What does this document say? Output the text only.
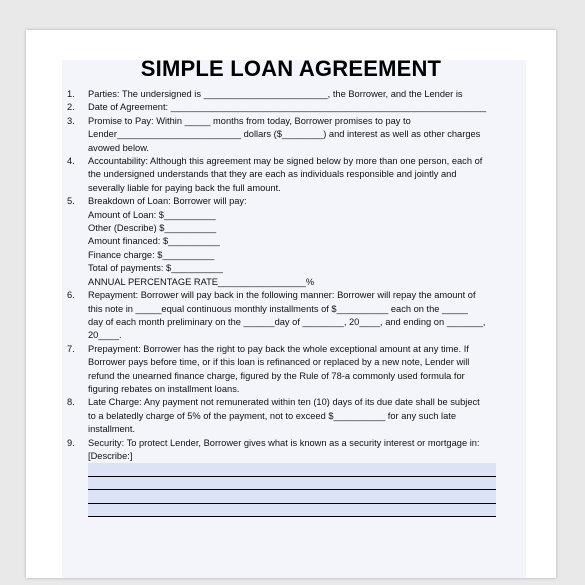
SIMPLE LOAN AGREEMENT
1. Parties: The undersigned is ________________________, the Borrower, and the Lender is
2. Date of Agreement: _____________________________________________________________
3. Promise to Pay: Within _____ months from today, Borrower promises to pay to
Lender________________________ dollars ($________) and interest as well as other charges
avowed below.
4. Accountability: Although this agreement may be signed below by more than one person, each of
the undersigned understands that they are each as individuals responsible and jointly and
severally liable for paying back the full amount.
5. Breakdown of Loan: Borrower will pay:
Amount of Loan: $__________
Other (Describe) $__________
Amount financed: $__________
Finance charge: $__________
Total of payments: $__________
ANNUAL PERCENTAGE RATE_________________%
6. Repayment: Borrower will pay back in the following manner: Borrower will repay the amount of
this note in _____equal continuous monthly installments of $__________ each on the _____
day of each month preliminary on the ______day of ________, 20____, and ending on _______,
20____.
7. Prepayment: Borrower has the right to pay back the whole exceptional amount at any time. If
Borrower pays before time, or if this loan is refinanced or replaced by a new note, Lender will
refund the unearned finance charge, figured by the Rule of 78-a commonly used formula for
figuring rebates on installment loans.
8. Late Charge: Any payment not remunerated within ten (10) days of its due date shall be subject
to a belatedly charge of 5% of the payment, not to exceed $__________ for any such late
installment.
9. Security: To protect Lender, Borrower gives what is known as a security interest or mortgage in:
[Describe:]
